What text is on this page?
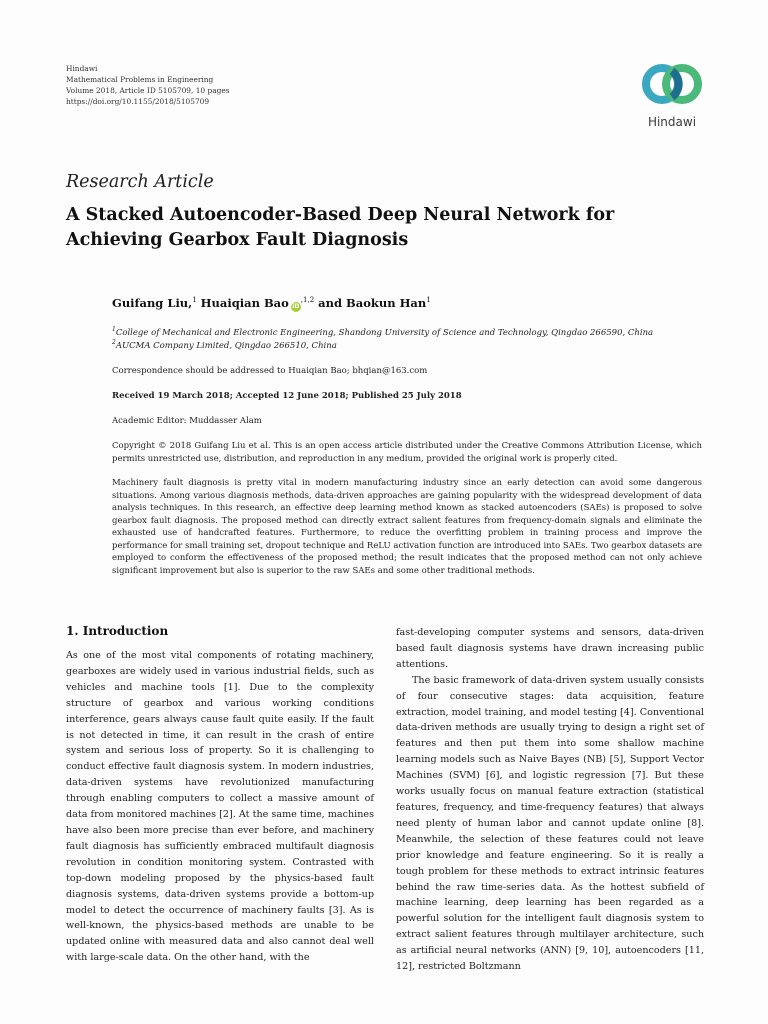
Hindawi
Mathematical Problems in Engineering
Volume 2018, Article ID 5105709, 10 pages
https://doi.org/10.1155/2018/5105709
Hindawi
Research Article
A Stacked Autoencoder-Based Deep Neural Network for Achieving Gearbox Fault Diagnosis
Guifang Liu,$^1$ Huaiqian Bao $iD^{,1,2}$ and Baokun Han$^1$
$^1$College of Mechanical and Electronic Engineering, Shandong University of Science and Technology, Qingdao 266590, China
$^2$AUCMA Company Limited, Qingdao 266510, China
Correspondence should be addressed to Huaiqian Bao; bhqian@163.com
Received 19 March 2018; Accepted 12 June 2018; Published 25 July 2018
Academic Editor: Muddasser Alam
Copyright © 2018 Guifang Liu et al. This is an open access article distributed under the Creative Commons Attribution License, which permits unrestricted use, distribution, and reproduction in any medium, provided the original work is properly cited.
Machinery fault diagnosis is pretty vital in modern manufacturing industry since an early detection can avoid some dangerous situations. Among various diagnosis methods, data-driven approaches are gaining popularity with the widespread development of data analysis techniques. In this research, an effective deep learning method known as stacked autoencoders (SAEs) is proposed to solve gearbox fault diagnosis. The proposed method can directly extract salient features from frequency-domain signals and eliminate the exhausted use of handcrafted features. Furthermore, to reduce the overfitting problem in training process and improve the performance for small training set, dropout technique and ReLU activation function are introduced into SAEs. Two gearbox datasets are employed to conform the effectiveness of the proposed method; the result indicates that the proposed method can not only achieve significant improvement but also is superior to the raw SAEs and some other traditional methods.
1. Introduction

As one of the most vital components of rotating machinery, gearboxes are widely used in various industrial fields, such as vehicles and machine tools [1]. Due to the complexity structure of gearbox and various working conditions interference, gears always cause fault quite easily. If the fault is not detected in time, it can result in the crash of entire system and serious loss of property. So it is challenging to conduct effective fault diagnosis system. In modern industries, data-driven systems have revolutionized manufacturing through enabling computers to collect a massive amount of data from monitored machines [2]. At the same time, machines have also been more precise than ever before, and machinery fault diagnosis has sufficiently embraced multifault diagnosis revolution in condition monitoring system. Contrasted with top-down modeling proposed by the physics-based fault diagnosis systems, data-driven systems provide a bottom-up model to detect the occurrence of machinery faults [3]. As is well-known, the physics-based methods are unable to be updated online with measured data and also cannot deal well with large-scale data. On the other hand, with the

fast-developing computer systems and sensors, data-driven based fault diagnosis systems have drawn increasing public attentions.

The basic framework of data-driven system usually consists of four consecutive stages: data acquisition, feature extraction, model training, and model testing [4]. Conventional data-driven methods are usually trying to design a right set of features and then put them into some shallow machine learning models such as Naive Bayes (NB) [5], Support Vector Machines (SVM) [6], and logistic regression [7]. But these works usually focus on manual feature extraction (statistical features, frequency, and time-frequency features) that always need plenty of human labor and cannot update online [8]. Meanwhile, the selection of these features could not leave prior knowledge and feature engineering. So it is really a tough problem for these methods to extract intrinsic features behind the raw time-series data. As the hottest subfield of machine learning, deep learning has been regarded as a powerful solution for the intelligent fault diagnosis system to extract salient features through multilayer architecture, such as artificial neural networks (ANN) [9, 10], autoencoders [11, 12], restricted Boltzmann
